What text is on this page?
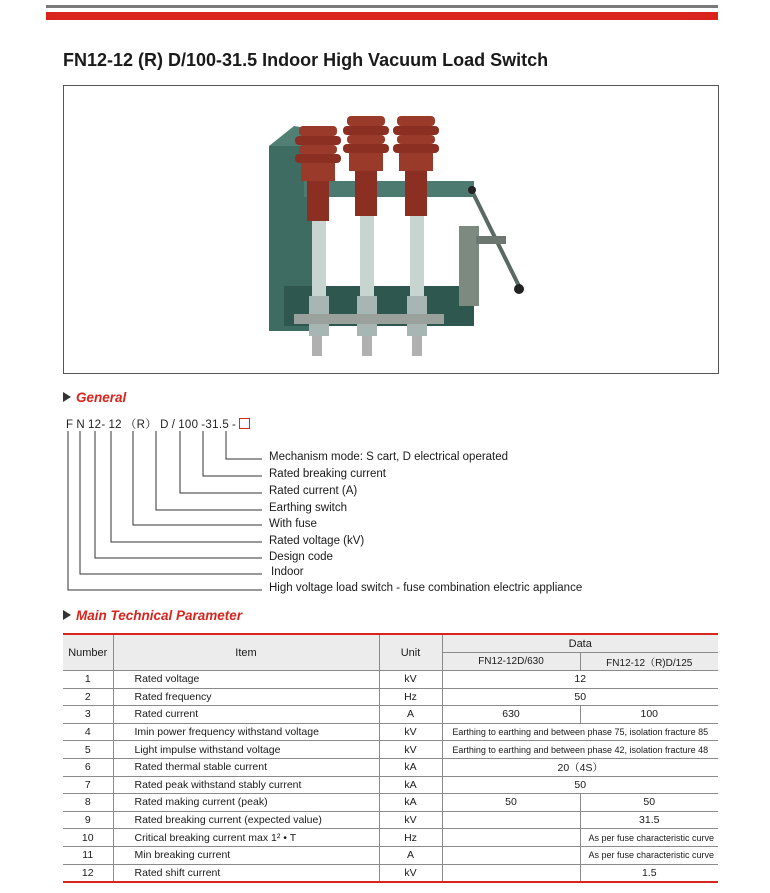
FN12-12 (R) D/100-31.5 Indoor High Vacuum Load Switch
General
F N 12- 12 （R） D / 100 -31.5 -
Mechanism mode: S cart, D electrical operated
Rated breaking current
Rated current (A)
Earthing switch
With fuse
Rated voltage (kV)
Design code
Indoor
High voltage load switch - fuse combination electric appliance
Main Technical Parameter
Number	Item	Unit	Data	
			FN12-12D/630	FN12-12（R)D/125
1	Rated voltage	kV	12	
2	Rated frequency	Hz	50	
3	Rated current	A	630	100
4	Imin power frequency withstand voltage	kV	Earthing to earthing and between phase 75, isolation fracture 85	
5	Light impulse withstand voltage	kV	Earthing to earthing and between phase 42, isolation fracture 48	
6	Rated thermal stable current	kA	20（4S）	
7	Rated peak withstand stably current	kA	50	
8	Rated making current (peak)	kA	50	50
9	Rated breaking current (expected value)	kV		31.5
10	Critical breaking current max 1² • T	Hz		As per fuse characteristic curve
11	Min breaking current	A		As per fuse characteristic curve
12	Rated shift current	kV		1.5
